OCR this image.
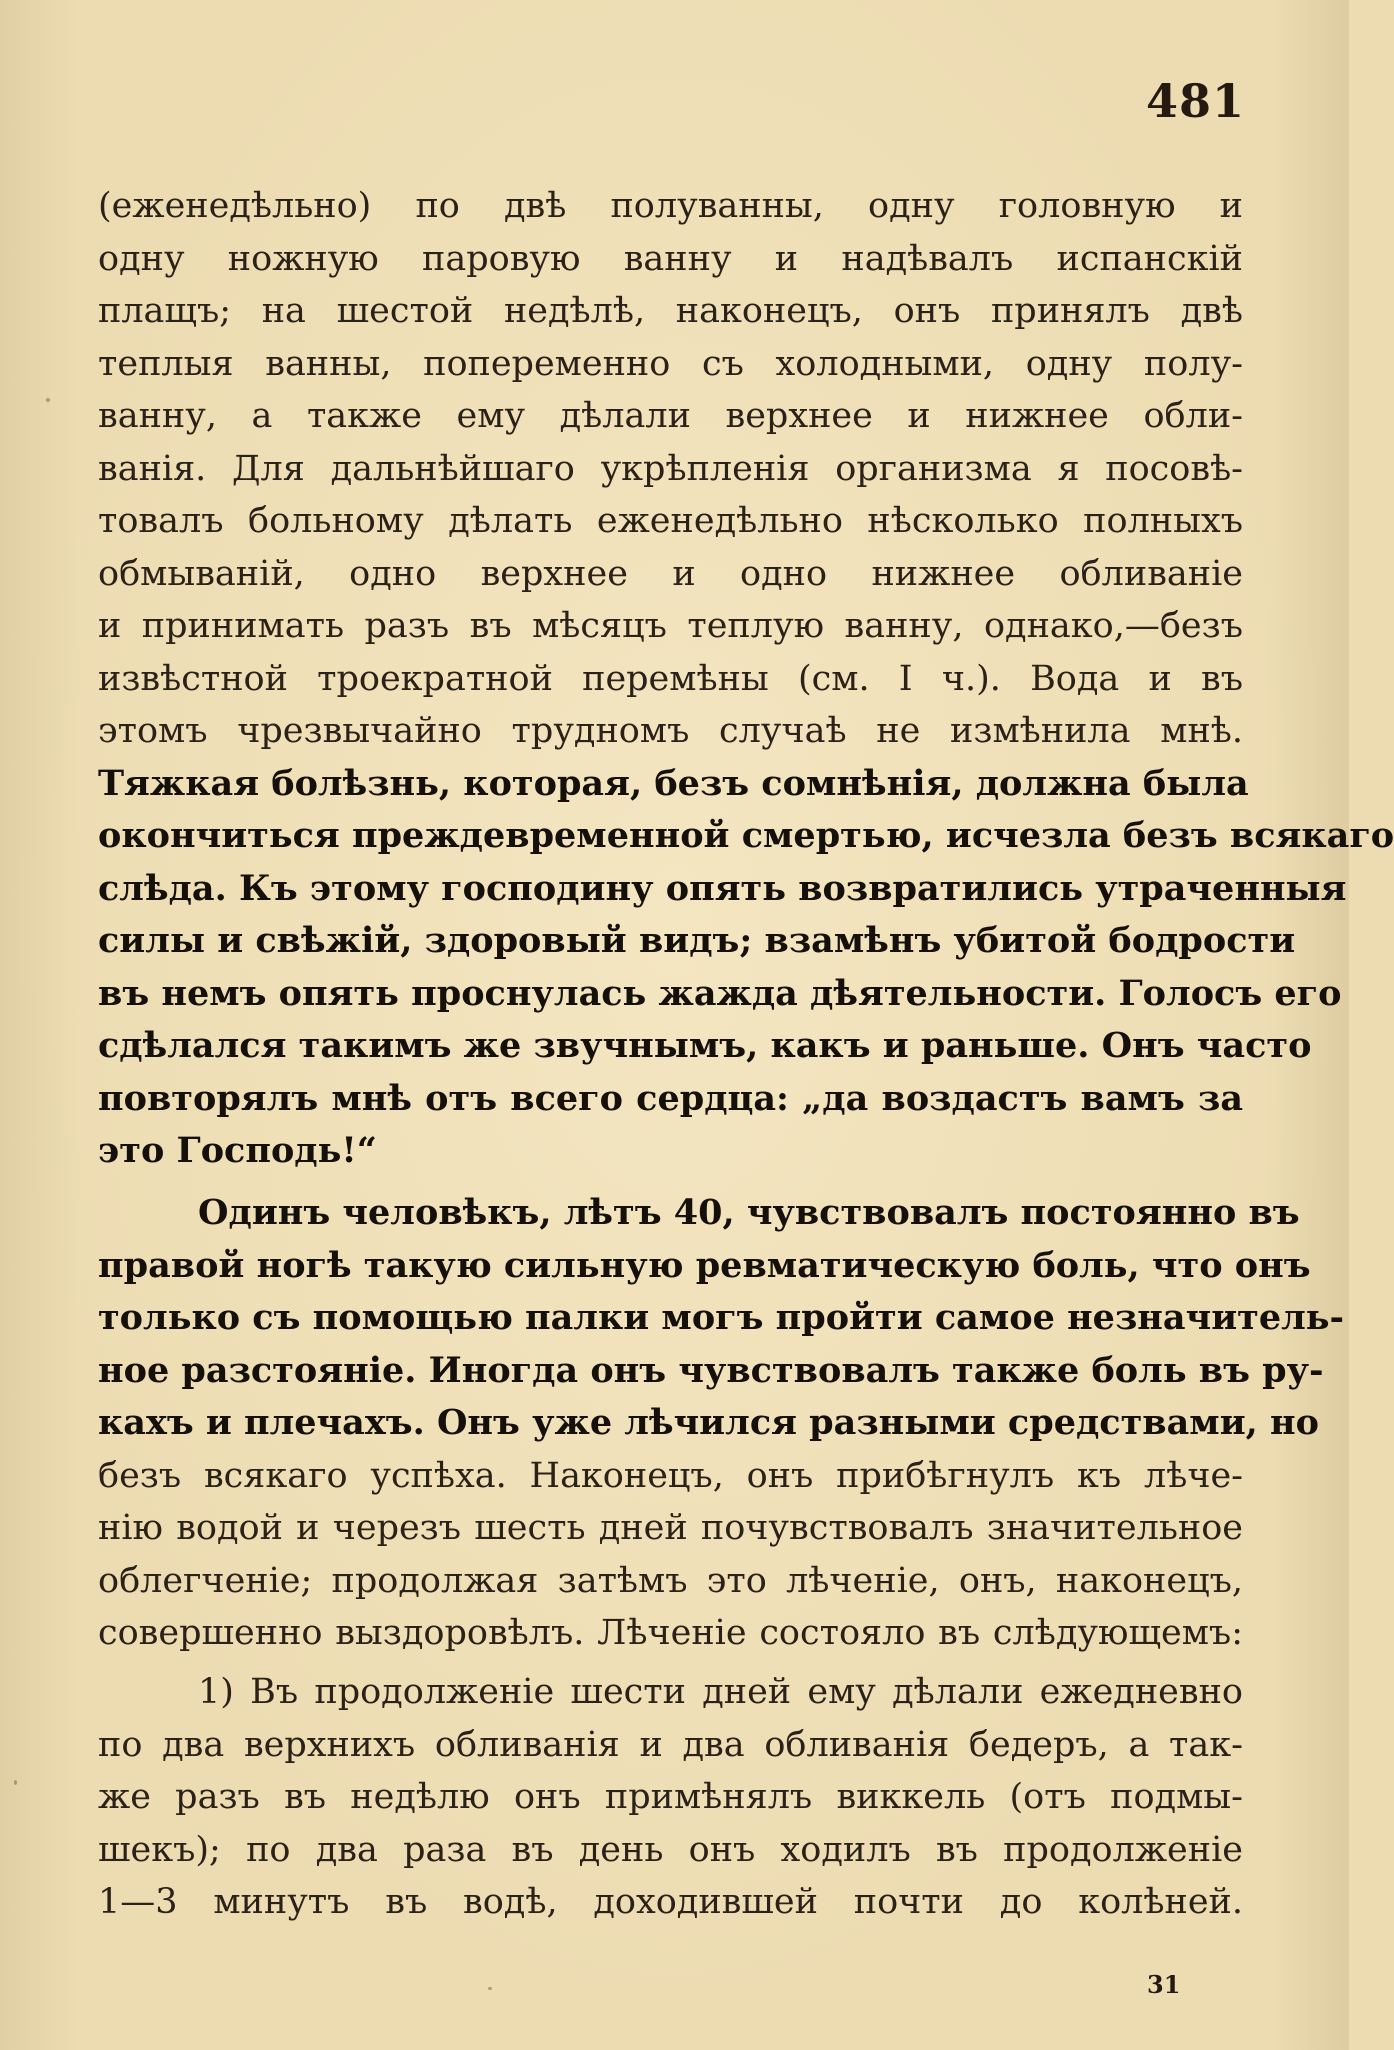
481
(еженедѣльно) по двѣ полуванны, одну головную и
одну ножную паровую ванну и надѣвалъ испанскій
плащъ; на шестой недѣлѣ, наконецъ, онъ принялъ двѣ
теплыя ванны, попеременно съ холодными, одну полу-
ванну, а также ему дѣлали верхнее и нижнее обли-
ванія. Для дальнѣйшаго укрѣпленія организма я посовѣ-
товалъ больному дѣлать еженедѣльно нѣсколько полныхъ
обмываній, одно верхнее и одно нижнее обливаніе
и принимать разъ въ мѣсяцъ теплую ванну, однако,—безъ
извѣстной троекратной перемѣны (см. I ч.). Вода и въ
этомъ чрезвычайно трудномъ случаѣ не измѣнила мнѣ.
Тяжкая болѣзнь, которая, безъ сомнѣнія, должна была
окончиться преждевременной смертью, исчезла безъ всякаго
слѣда. Къ этому господину опять возвратились утраченныя
силы и свѣжій, здоровый видъ; взамѣнъ убитой бодрости
въ немъ опять проснулась жажда дѣятельности. Голосъ его
сдѣлался такимъ же звучнымъ, какъ и раньше. Онъ часто
повторялъ мнѣ отъ всего сердца: „да воздастъ вамъ за
это Господь!“
Одинъ человѣкъ, лѣтъ 40, чувствовалъ постоянно въ
правой ногѣ такую сильную ревматическую боль, что онъ
только съ помощью палки могъ пройти самое незначитель-
ное разстояніе. Иногда онъ чувствовалъ также боль въ ру-
кахъ и плечахъ. Онъ уже лѣчился разными средствами, но
безъ всякаго успѣха. Наконецъ, онъ прибѣгнулъ къ лѣче-
нію водой и черезъ шесть дней почувствовалъ значительное
облегченіе; продолжая затѣмъ это лѣченіе, онъ, наконецъ,
совершенно выздоровѣлъ. Лѣченіе состояло въ слѣдующемъ:
1) Въ продолженіе шести дней ему дѣлали ежедневно
по два верхнихъ обливанія и два обливанія бедеръ, а так-
же разъ въ недѣлю онъ примѣнялъ виккель (отъ подмы-
шекъ); по два раза въ день онъ ходилъ въ продолженіе
1—3 минутъ въ водѣ, доходившей почти до колѣней.
31
